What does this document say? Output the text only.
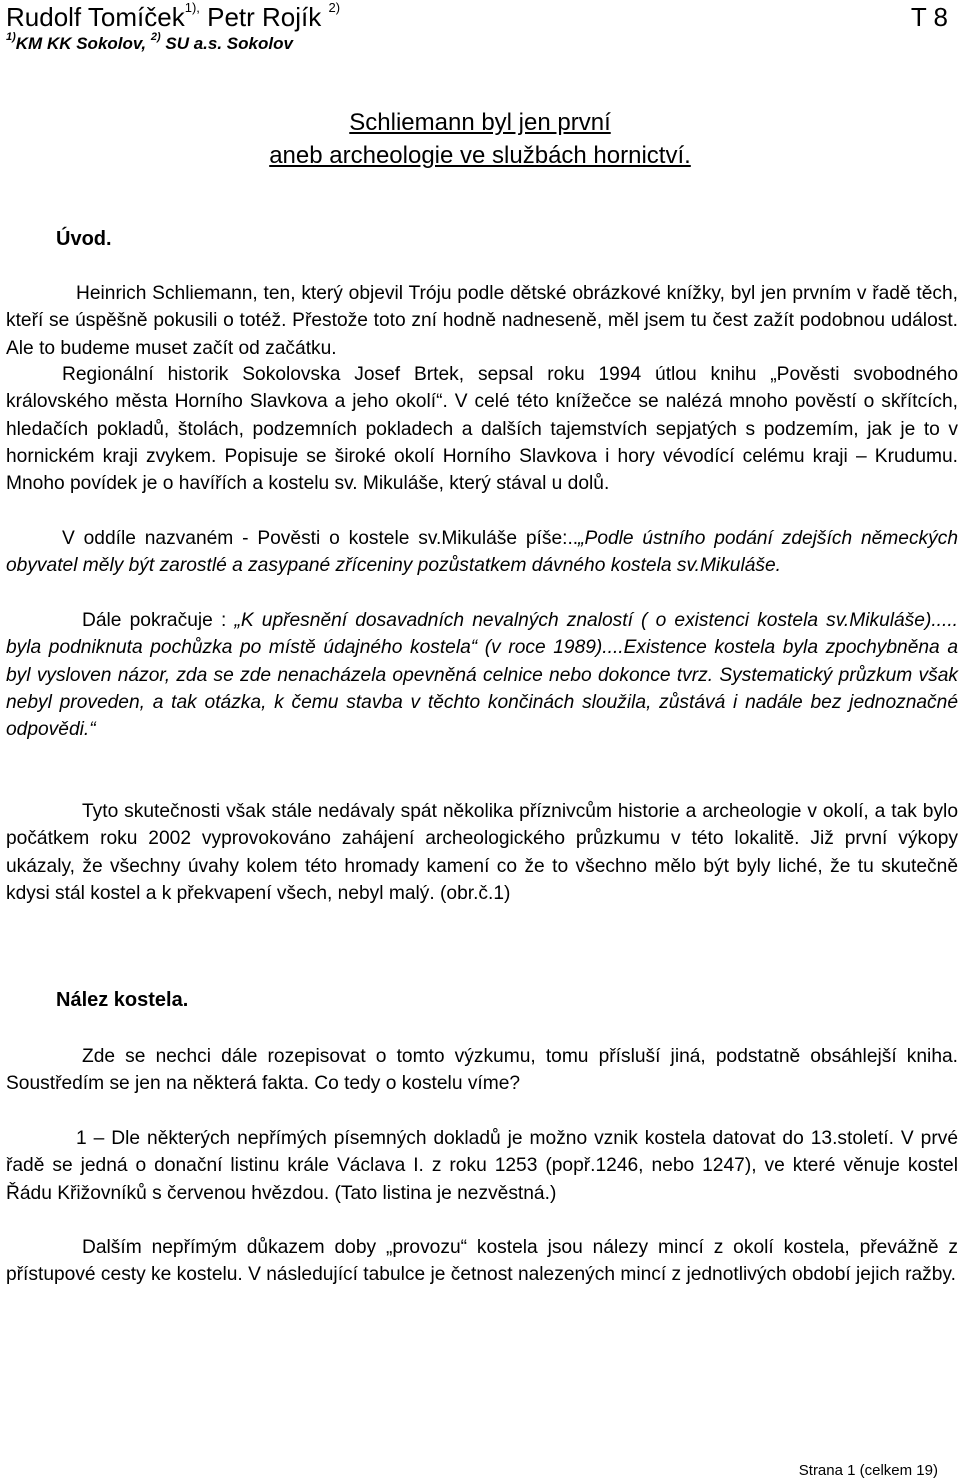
Rudolf Tomíček$^{1),}$ Petr Rojík $^{2)}$	T 8
$^{1)}$KM KK Sokolov, $^{2)}$ SU a.s. Sokolov
Schliemann byl jen první
aneb archeologie ve službách hornictví.
Úvod.
Heinrich Schliemann, ten, který objevil Tróju podle dětské obrázkové knížky, byl jen prvním v řadě těch, kteří se úspěšně pokusili o totéž. Přestože toto zní hodně nadneseně, měl jsem tu čest zažít podobnou událost. Ale to budeme muset začít od začátku.
Regionální historik Sokolovska Josef Brtek, sepsal roku 1994 útlou knihu „Pověsti svobodného královského města Horního Slavkova a jeho okolí“. V celé této knížečce se nalézá mnoho pověstí o skřítcích, hledačích pokladů, štolách, podzemních pokladech a dalších tajemstvích sepjatých s podzemím, jak je to v hornickém kraji zvykem. Popisuje se široké okolí Horního Slavkova i hory vévodící celému kraji – Krudumu. Mnoho povídek je o havířích a kostelu sv. Mikuláše, který stával u dolů.
V oddíle nazvaném - Pověsti o kostele sv.Mikuláše píše:..„Podle ústního podání zdejších německých obyvatel měly být zarostlé a zasypané zříceniny pozůstatkem dávného kostela sv.Mikuláše.
Dále pokračuje : „K upřesnění dosavadních nevalných znalostí ( o existenci kostela sv.Mikuláše)..... byla podniknuta pochůzka po místě údajného kostela“ (v roce 1989)....Existence kostela byla zpochybněna a byl vysloven názor, zda se zde nenacházela opevněná celnice nebo dokonce tvrz. Systematický průzkum však nebyl proveden, a tak otázka, k čemu stavba v těchto končinách sloužila, zůstává i nadále bez jednoznačné odpovědi.“
Tyto skutečnosti však stále nedávaly spát několika příznivcům historie a archeologie v okolí, a tak bylo počátkem roku 2002 vyprovokováno zahájení archeologického průzkumu v této lokalitě. Již první výkopy ukázaly, že všechny úvahy kolem této hromady kamení co že to všechno mělo být byly liché, že tu skutečně kdysi stál kostel a k překvapení všech, nebyl malý. (obr.č.1)
Nález kostela.
Zde se nechci dále rozepisovat o tomto výzkumu, tomu přísluší jiná, podstatně obsáhlejší kniha. Soustředím se jen na některá fakta. Co tedy o kostelu víme?
1 – Dle některých nepřímých písemných dokladů je možno vznik kostela datovat do 13.století. V prvé řadě se jedná o donační listinu krále Václava I. z roku 1253 (popř.1246, nebo 1247), ve které věnuje kostel Řádu Křižovníků s červenou hvězdou. (Tato listina je nezvěstná.)
Dalším nepřímým důkazem doby „provozu“ kostela jsou nálezy mincí z okolí kostela, převážně z přístupové cesty ke kostelu. V následující tabulce je četnost nalezených mincí z jednotlivých období jejich ražby.
Strana 1 (celkem 19)
